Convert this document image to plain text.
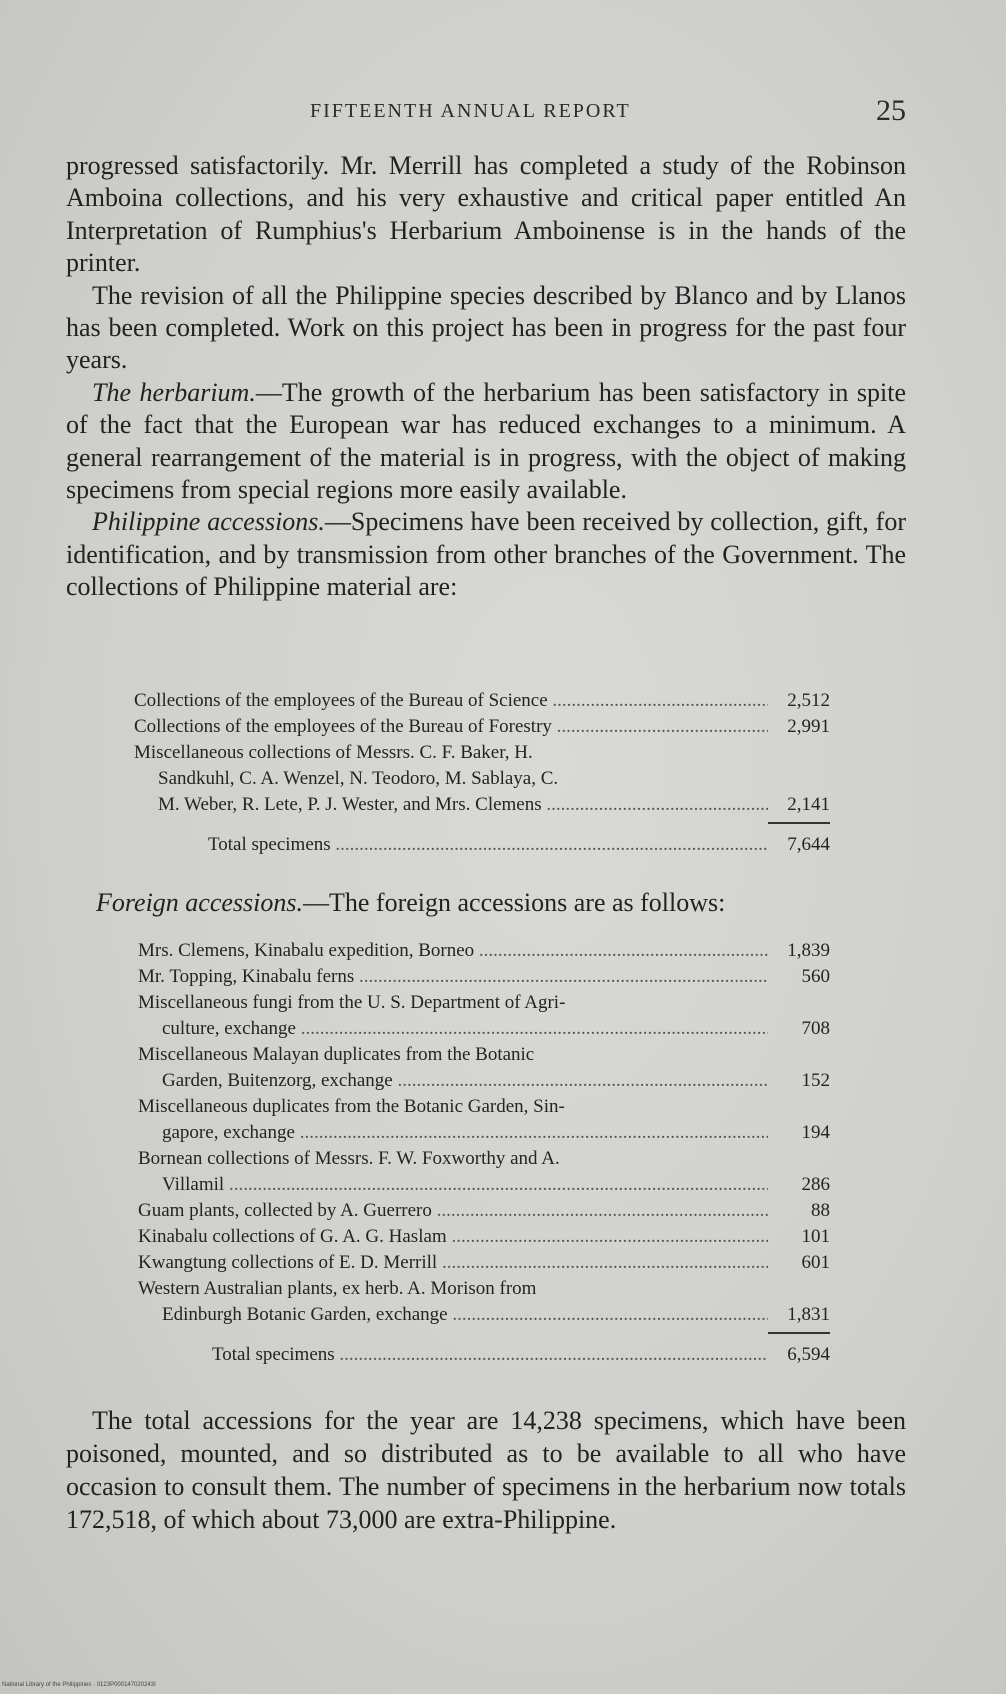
FIFTEENTH ANNUAL REPORT	25

progressed satisfactorily. Mr. Merrill has completed a study of the Robinson Amboina collections, and his very exhaustive and critical paper entitled An Interpretation of Rumphius's Herbarium Amboinense is in the hands of the printer.

The revision of all the Philippine species described by Blanco and by Llanos has been completed. Work on this project has been in progress for the past four years.

The herbarium.—The growth of the herbarium has been satisfactory in spite of the fact that the European war has reduced exchanges to a minimum. A general rearrangement of the material is in progress, with the object of making specimens from special regions more easily available.

Philippine accessions.—Specimens have been received by collection, gift, for identification, and by transmission from other branches of the Government. The collections of Philippine material are:

Collections of the employees of the Bureau of Science .....	2,512
Collections of the employees of the Bureau of Forestry .....	2,991
Miscellaneous collections of Messrs. C. F. Baker, H.
Sandkuhl, C. A. Wenzel, N. Teodoro, M. Sablaya, C.
M. Weber, R. Lete, P. J. Wester, and Mrs. Clemens .....	2,141
Total specimens .....	7,644
Foreign accessions.—The foreign accessions are as follows:
Mrs. Clemens, Kinabalu expedition, Borneo .....	1,839
Mr. Topping, Kinabalu ferns .....	560
Miscellaneous fungi from the U. S. Department of Agri-
culture, exchange .....	708
Miscellaneous Malayan duplicates from the Botanic
Garden, Buitenzorg, exchange .....	152
Miscellaneous duplicates from the Botanic Garden, Sin-
gapore, exchange .....	194
Bornean collections of Messrs. F. W. Foxworthy and A.
Villamil .....	286
Guam plants, collected by A. Guerrero .....	88
Kinabalu collections of G. A. G. Haslam .....	101
Kwangtung collections of E. D. Merrill .....	601
Western Australian plants, ex herb. A. Morison from
Edinburgh Botanic Garden, exchange .....	1,831
Total specimens .....	6,594

The total accessions for the year are 14,238 specimens, which have been poisoned, mounted, and so distributed as to be available to all who have occasion to consult them. The number of specimens in the herbarium now totals 172,518, of which about 73,000 are extra-Philippine.

National Library of the Philippines · 0123P000147020243I
